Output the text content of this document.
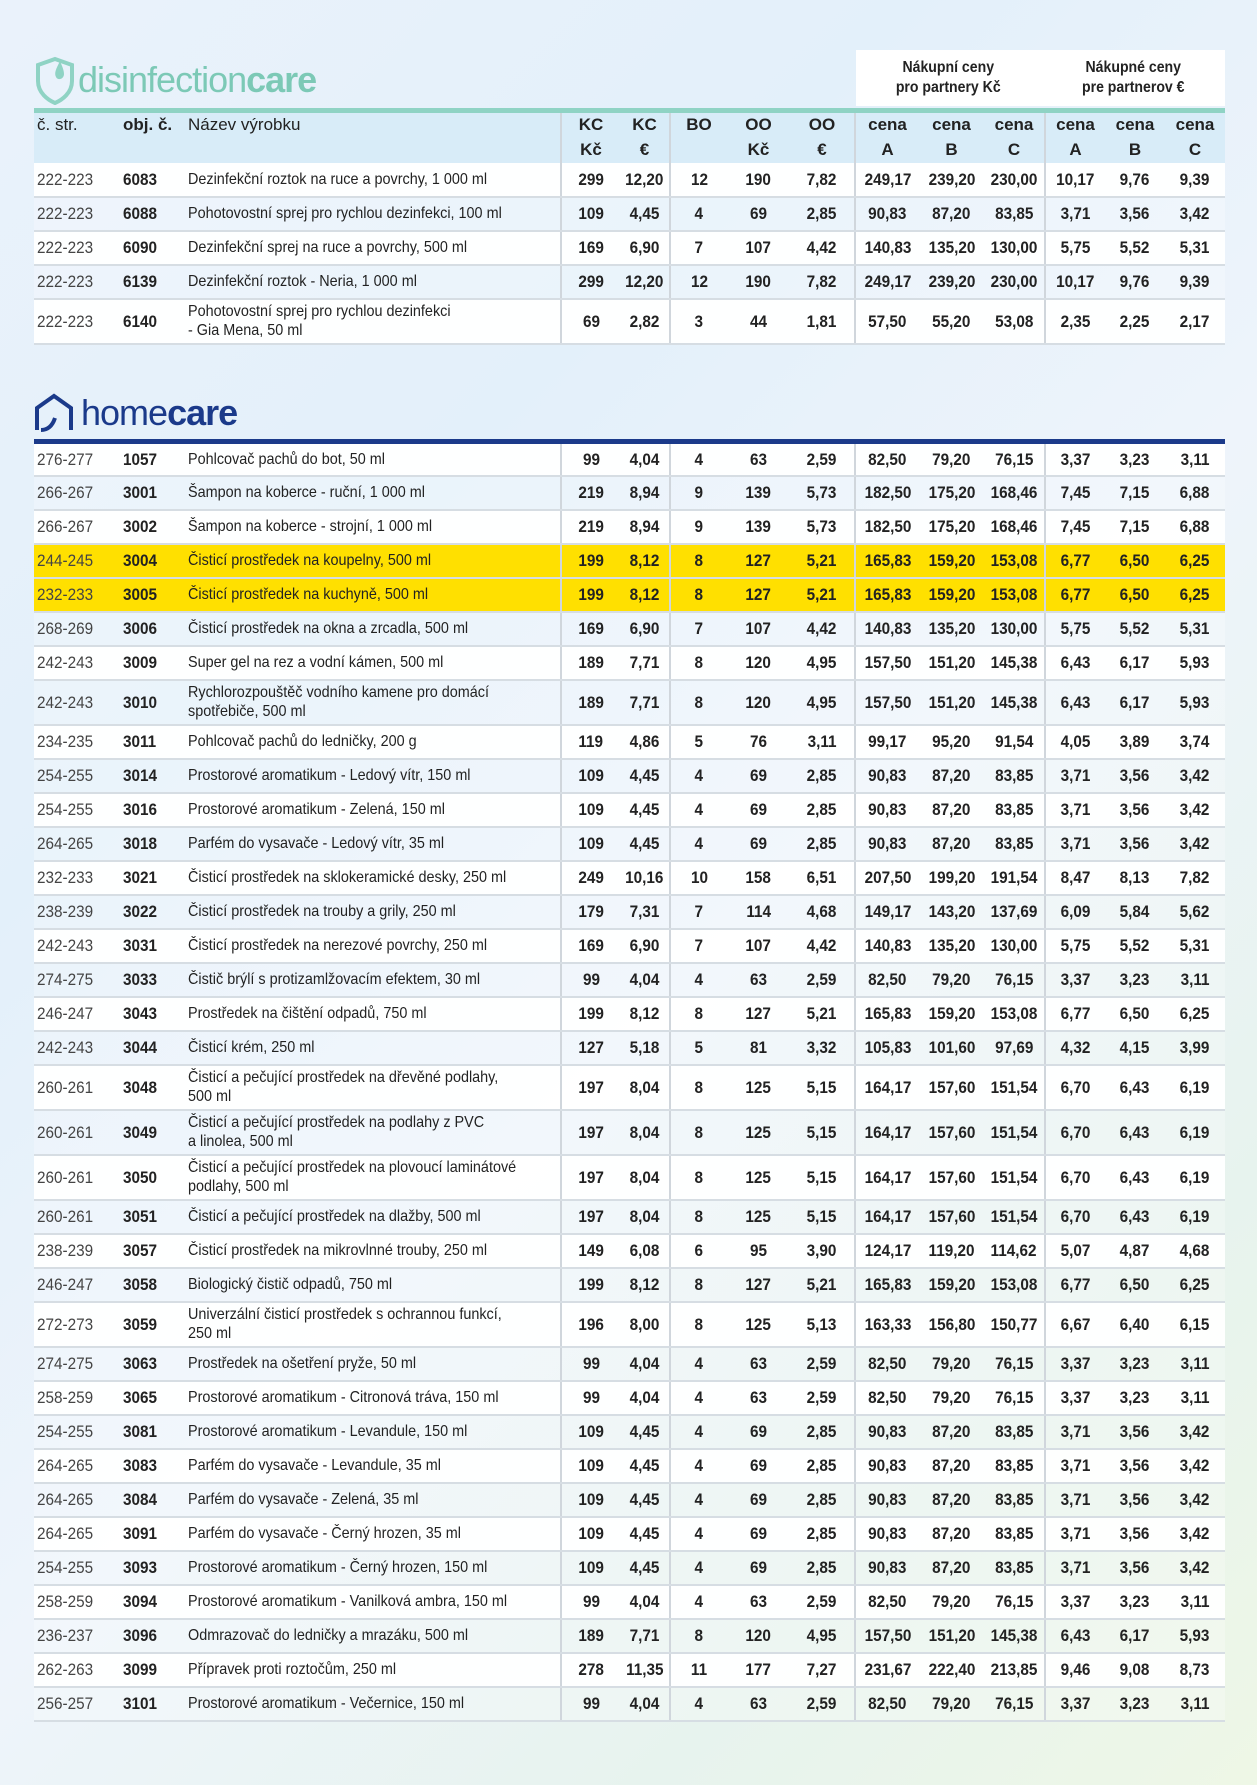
disinfection care	Nákupní ceny
pro partnery Kč
Nákupné ceny
pre partnerov €
home care
č. str.	obj. č.	Název výrobku	KC	KC	BO	OO	OO	cena	cena	cena	cena	cena	cena
			Kč	€		Kč	€	A	B	C	A	B	C
222-223	6083	Dezinfekční roztok na ruce a povrchy, 1 000 ml	299	12,20	12	190	7,82	249,17	239,20	230,00	10,17	9,76	9,39
222-223	6088	Pohotovostní sprej pro rychlou dezinfekci, 100 ml	109	4,45	4	69	2,85	90,83	87,20	83,85	3,71	3,56	3,42
222-223	6090	Dezinfekční sprej na ruce a povrchy, 500 ml	169	6,90	7	107	4,42	140,83	135,20	130,00	5,75	5,52	5,31
222-223	6139	Dezinfekční roztok - Neria, 1 000 ml	299	12,20	12	190	7,82	249,17	239,20	230,00	10,17	9,76	9,39
222-223	6140	Pohotovostní sprej pro rychlou dezinfekci
- Gia Mena, 50 ml	69	2,82	3	44	1,81	57,50	55,20	53,08	2,35	2,25	2,17
276-277	1057	Pohlcovač pachů do bot, 50 ml	99	4,04	4	63	2,59	82,50	79,20	76,15	3,37	3,23	3,11
266-267	3001	Šampon na koberce - ruční, 1 000 ml	219	8,94	9	139	5,73	182,50	175,20	168,46	7,45	7,15	6,88
266-267	3002	Šampon na koberce - strojní, 1 000 ml	219	8,94	9	139	5,73	182,50	175,20	168,46	7,45	7,15	6,88
244-245	3004	Čisticí prostředek na koupelny, 500 ml	199	8,12	8	127	5,21	165,83	159,20	153,08	6,77	6,50	6,25
232-233	3005	Čisticí prostředek na kuchyně, 500 ml	199	8,12	8	127	5,21	165,83	159,20	153,08	6,77	6,50	6,25
268-269	3006	Čisticí prostředek na okna a zrcadla, 500 ml	169	6,90	7	107	4,42	140,83	135,20	130,00	5,75	5,52	5,31
242-243	3009	Super gel na rez a vodní kámen, 500 ml	189	7,71	8	120	4,95	157,50	151,20	145,38	6,43	6,17	5,93
242-243	3010	Rychlorozpouštěč vodního kamene pro domácí
spotřebiče, 500 ml	189	7,71	8	120	4,95	157,50	151,20	145,38	6,43	6,17	5,93
234-235	3011	Pohlcovač pachů do ledničky, 200 g	119	4,86	5	76	3,11	99,17	95,20	91,54	4,05	3,89	3,74
254-255	3014	Prostorové aromatikum - Ledový vítr, 150 ml	109	4,45	4	69	2,85	90,83	87,20	83,85	3,71	3,56	3,42
254-255	3016	Prostorové aromatikum - Zelená, 150 ml	109	4,45	4	69	2,85	90,83	87,20	83,85	3,71	3,56	3,42
264-265	3018	Parfém do vysavače - Ledový vítr, 35 ml	109	4,45	4	69	2,85	90,83	87,20	83,85	3,71	3,56	3,42
232-233	3021	Čisticí prostředek na sklokeramické desky, 250 ml	249	10,16	10	158	6,51	207,50	199,20	191,54	8,47	8,13	7,82
238-239	3022	Čisticí prostředek na trouby a grily, 250 ml	179	7,31	7	114	4,68	149,17	143,20	137,69	6,09	5,84	5,62
242-243	3031	Čisticí prostředek na nerezové povrchy, 250 ml	169	6,90	7	107	4,42	140,83	135,20	130,00	5,75	5,52	5,31
274-275	3033	Čistič brýlí s protizamlžovacím efektem, 30 ml	99	4,04	4	63	2,59	82,50	79,20	76,15	3,37	3,23	3,11
246-247	3043	Prostředek na čištění odpadů, 750 ml	199	8,12	8	127	5,21	165,83	159,20	153,08	6,77	6,50	6,25
242-243	3044	Čisticí krém, 250 ml	127	5,18	5	81	3,32	105,83	101,60	97,69	4,32	4,15	3,99
260-261	3048	Čisticí a pečující prostředek na dřevěné podlahy,
500 ml	197	8,04	8	125	5,15	164,17	157,60	151,54	6,70	6,43	6,19
260-261	3049	Čisticí a pečující prostředek na podlahy z PVC
a linolea, 500 ml	197	8,04	8	125	5,15	164,17	157,60	151,54	6,70	6,43	6,19
260-261	3050	Čisticí a pečující prostředek na plovoucí laminátové
podlahy, 500 ml	197	8,04	8	125	5,15	164,17	157,60	151,54	6,70	6,43	6,19
260-261	3051	Čisticí a pečující prostředek na dlažby, 500 ml	197	8,04	8	125	5,15	164,17	157,60	151,54	6,70	6,43	6,19
238-239	3057	Čisticí prostředek na mikrovlnné trouby, 250 ml	149	6,08	6	95	3,90	124,17	119,20	114,62	5,07	4,87	4,68
246-247	3058	Biologický čistič odpadů, 750 ml	199	8,12	8	127	5,21	165,83	159,20	153,08	6,77	6,50	6,25
272-273	3059	Univerzální čisticí prostředek s ochrannou funkcí,
250 ml	196	8,00	8	125	5,13	163,33	156,80	150,77	6,67	6,40	6,15
274-275	3063	Prostředek na ošetření pryže, 50 ml	99	4,04	4	63	2,59	82,50	79,20	76,15	3,37	3,23	3,11
258-259	3065	Prostorové aromatikum - Citronová tráva, 150 ml	99	4,04	4	63	2,59	82,50	79,20	76,15	3,37	3,23	3,11
254-255	3081	Prostorové aromatikum - Levandule, 150 ml	109	4,45	4	69	2,85	90,83	87,20	83,85	3,71	3,56	3,42
264-265	3083	Parfém do vysavače - Levandule, 35 ml	109	4,45	4	69	2,85	90,83	87,20	83,85	3,71	3,56	3,42
264-265	3084	Parfém do vysavače - Zelená, 35 ml	109	4,45	4	69	2,85	90,83	87,20	83,85	3,71	3,56	3,42
264-265	3091	Parfém do vysavače - Černý hrozen, 35 ml	109	4,45	4	69	2,85	90,83	87,20	83,85	3,71	3,56	3,42
254-255	3093	Prostorové aromatikum - Černý hrozen, 150 ml	109	4,45	4	69	2,85	90,83	87,20	83,85	3,71	3,56	3,42
258-259	3094	Prostorové aromatikum - Vanilková ambra, 150 ml	99	4,04	4	63	2,59	82,50	79,20	76,15	3,37	3,23	3,11
236-237	3096	Odmrazovač do ledničky a mrazáku, 500 ml	189	7,71	8	120	4,95	157,50	151,20	145,38	6,43	6,17	5,93
262-263	3099	Přípravek proti roztočům, 250 ml	278	11,35	11	177	7,27	231,67	222,40	213,85	9,46	9,08	8,73
256-257	3101	Prostorové aromatikum - Večernice, 150 ml	99	4,04	4	63	2,59	82,50	79,20	76,15	3,37	3,23	3,11
